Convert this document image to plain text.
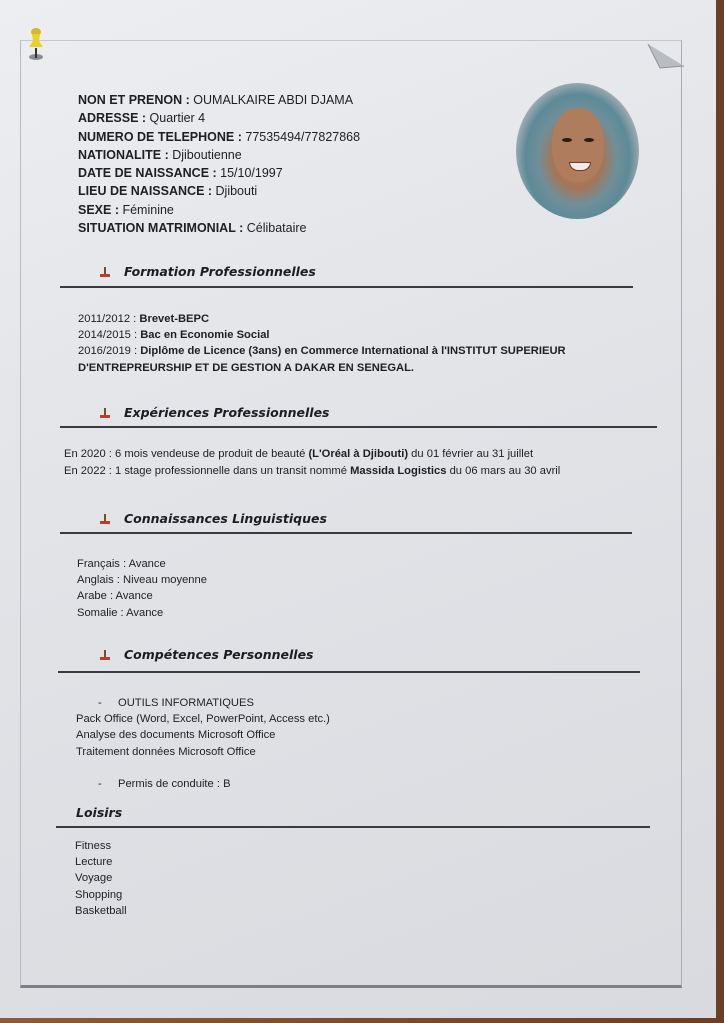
NON ET PRENON : OUMALKAIRE ABDI DJAMA
ADRESSE : Quartier 4
NUMERO DE TELEPHONE : 77535494/77827868
NATIONALITE : Djiboutienne
DATE DE NAISSANCE : 15/10/1997
LIEU DE NAISSANCE : Djibouti
SEXE : Féminine
SITUATION MATRIMONIAL : Célibataire
Formation Professionnelles
2011/2012 : Brevet-BEPC
2014/2015 : Bac en Economie Social
2016/2019 : Diplôme de Licence (3ans) en Commerce International à l'INSTITUT SUPERIEUR
D'ENTREPREURSHIP ET DE GESTION A DAKAR EN SENEGAL.
Expériences Professionnelles
En 2020 : 6 mois vendeuse de produit de beauté (L'Oréal à Djibouti) du 01 février au 31 juillet
En 2022 : 1 stage professionnelle dans un transit nommé Massida Logistics du 06 mars au 30 avril
Connaissances Linguistiques
Français : Avance
Anglais : Niveau moyenne
Arabe : Avance
Somalie : Avance
Compétences Personnelles
- OUTILS INFORMATIQUES
Pack Office (Word, Excel, PowerPoint, Access etc.)
Analyse des documents Microsoft Office
Traitement données Microsoft Office
- Permis de conduite : B
Loisirs
Fitness
Lecture
Voyage
Shopping
Basketball
